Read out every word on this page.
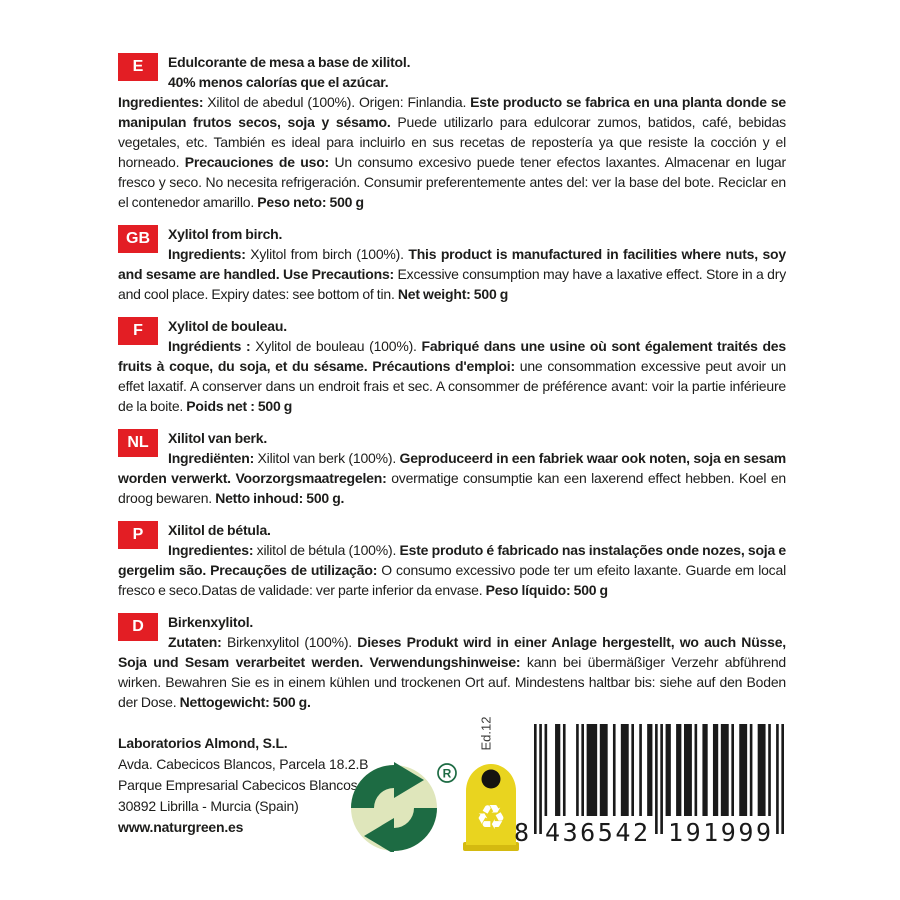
E	Edulcorante de mesa a base de xilitol.
40% menos calorías que el azúcar.
Ingredientes: Xilitol de abedul (100%). Origen: Finlandia. Este producto se fabrica en una planta donde se manipulan frutos secos, soja y sésamo. Puede utilizarlo para edulcorar zumos, batidos, café, bebidas vegetales, etc. También es ideal para incluirlo en sus recetas de repostería ya que resiste la cocción y el horneado. Precauciones de uso: Un consumo excesivo puede tener efectos laxantes. Almacenar en lugar fresco y seco. No necesita refrigeración. Consumir preferentemente antes del: ver la base del bote. Reciclar en el contenedor amarillo. Peso neto: 500 g
GB	Xylitol from birch.
Ingredients: Xylitol from birch (100%). This product is manufactured in facilities where nuts, soy and sesame are handled. Use Precautions: Excessive consumption may have a laxative effect. Store in a dry and cool place. Expiry dates: see bottom of tin. Net weight: 500 g
F	Xylitol de bouleau.
Ingrédients : Xylitol de bouleau (100%). Fabriqué dans une usine où sont également traités des fruits à coque, du soja, et du sésame. Précautions d'emploi: une consommation excessive peut avoir un effet laxatif. A conserver dans un endroit frais et sec. A consommer de préférence avant: voir la partie inférieure de la boite. Poids net : 500 g
NL	Xilitol van berk.
Ingrediënten: Xilitol van berk (100%). Geproduceerd in een fabriek waar ook noten, soja en sesam worden verwerkt. Voorzorgsmaatregelen: overmatige consumptie kan een laxerend effect hebben. Koel en droog bewaren. Netto inhoud: 500 g.
P	Xilitol de bétula.
Ingredientes: xilitol de bétula (100%). Este produto é fabricado nas instalações onde nozes, soja e gergelim são. Precauções de utilização: O consumo excessivo pode ter um efeito laxante. Guarde em local fresco e seco.Datas de validade: ver parte inferior da envase. Peso líquido: 500 g
D	Birkenxylitol.
Zutaten: Birkenxylitol (100%). Dieses Produkt wird in einer Anlage hergestellt, wo auch Nüsse, Soja und Sesam verarbeitet werden. Verwendungshinweise: kann bei übermäßiger Verzehr abführend wirken. Bewahren Sie es in einem kühlen und trockenen Ort auf. Mindestens haltbar bis: siehe auf den Boden der Dose. Nettogewicht: 500 g.
Laboratorios Almond, S.L.
Avda. Cabecicos Blancos, Parcela 18.2.B
Parque Empresarial Cabecicos Blancos
30892 Librilla - Murcia (Spain)
www.naturgreen.es
R
♻
Ed.12
8 436542 191999
